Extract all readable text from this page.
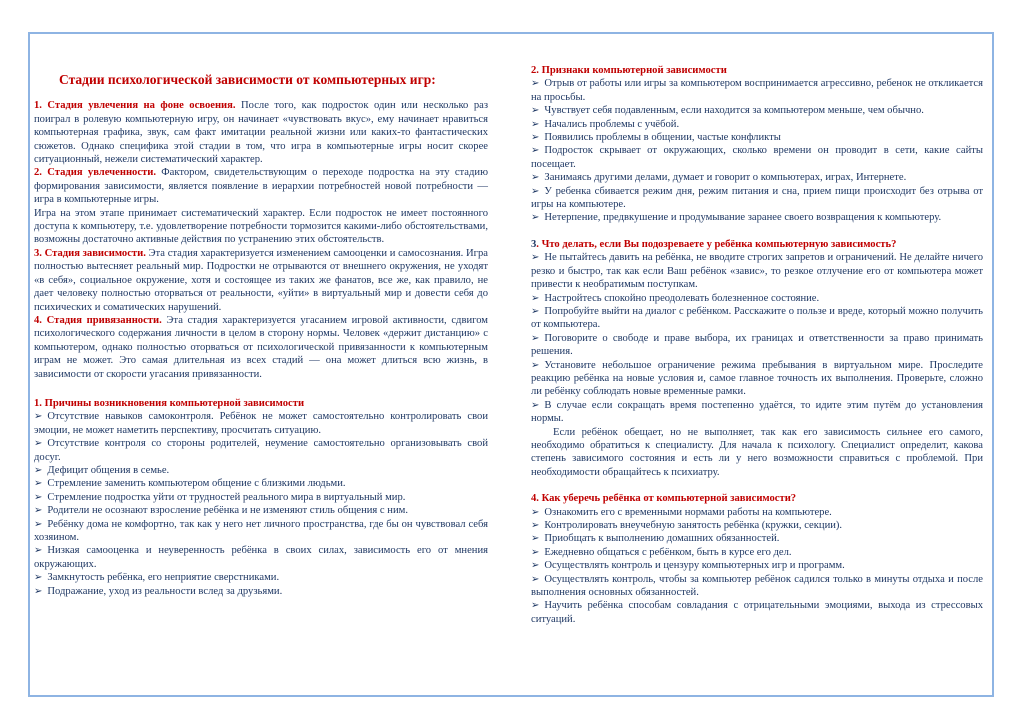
Стадии психологической зависимости от компьютерных игр:

1. Стадия увлечения на фоне освоения. После того, как подросток один или несколько раз поиграл в ролевую компьютерную игру, он начинает «чувствовать вкус», ему начинает нравиться компьютерная графика, звук, сам факт имитации реальной жизни или каких-то фантастических сюжетов. Однако специфика этой стадии в том, что игра в компьютерные игры носит скорее ситуационный, нежели систематический характер.

2. Стадия увлеченности. Фактором, свидетельствующим о переходе подростка на эту стадию формирования зависимости, является появление в иерархии потребностей новой потребности — игра в компьютерные игры.

Игра на этом этапе принимает систематический характер. Если подросток не имеет постоянного доступа к компьютеру, т.е. удовлетворение потребности тормозится какими-либо обстоятельствами, возможны достаточно активные действия по устранению этих обстоятельств.

3. Стадия зависимости. Эта стадия характеризуется изменением самооценки и самосознания. Игра полностью вытесняет реальный мир. Подростки не отрываются от внешнего окружения, не уходят «в себя», социальное окружение, хотя и состоящее из таких же фанатов, все же, как правило, не дает человеку полностью оторваться от реальности, «уйти» в виртуальный мир и довести себя до психических и соматических нарушений.

4. Стадия привязанности. Эта стадия характеризуется угасанием игровой активности, сдвигом психологического содержания личности в целом в сторону нормы. Человек «держит дистанцию» с компьютером, однако полностью оторваться от психологической привязанности к компьютерным играм не может. Это самая длительная из всех стадий — она может длиться всю жизнь, в зависимости от скорости угасания привязанности.

1. Причины возникновения компьютерной зависимости

➢ Отсутствие навыков самоконтроля. Ребёнок не может самостоятельно контролировать свои эмоции, не может наметить перспективу, просчитать ситуацию.

➢ Отсутствие контроля со стороны родителей, неумение самостоятельно организовывать свой досуг.

➢ Дефицит общения в семье.

➢ Стремление заменить компьютером общение с близкими людьми.

➢ Стремление подростка уйти от трудностей реального мира в виртуальный мир.

➢ Родители не осознают взросление ребёнка и не изменяют стиль общения с ним.

➢ Ребёнку дома не комфортно, так как у него нет личного пространства, где бы он чувствовал себя хозяином.

➢ Низкая самооценка и неуверенность ребёнка в своих силах, зависимость его от мнения окружающих.

➢ Замкнутость ребёнка, его неприятие сверстниками.

➢ Подражание, уход из реальности вслед за друзьями.

2. Признаки компьютерной зависимости

➢ Отрыв от работы или игры за компьютером воспринимается агрессивно, ребенок не откликается на просьбы.

➢ Чувствует себя подавленным, если находится за компьютером меньше, чем обычно.

➢ Начались проблемы с учёбой.

➢ Появились проблемы в общении, частые конфликты

➢ Подросток скрывает от окружающих, сколько времени он проводит в сети, какие сайты посещает.

➢ Занимаясь другими делами, думает и говорит о компьютерах, играх, Интернете.

➢ У ребенка сбивается режим дня, режим питания и сна, прием пищи происходит без отрыва от игры на компьютере.

➢ Нетерпение, предвкушение и продумывание заранее своего возвращения к компьютеру.

3. Что делать, если Вы подозреваете у ребёнка компьютерную зависимость?

➢ Не пытайтесь давить на ребёнка, не вводите строгих запретов и ограничений. Не делайте ничего резко и быстро, так как если Ваш ребёнок «завис», то резкое отлучение его от компьютера может привести к необратимым поступкам.

➢ Настройтесь спокойно преодолевать болезненное состояние.

➢ Попробуйте выйти на диалог с ребёнком. Расскажите о пользе и вреде, который можно получить от компьютера.

➢ Поговорите о свободе и праве выбора, их границах и ответственности за право принимать решения.

➢ Установите небольшое ограничение режима пребывания в виртуальном мире. Проследите реакцию ребёнка на новые условия и, самое главное точность их выполнения. Проверьте, сложно ли ребёнку соблюдать новые временные рамки.

➢ В случае если сокращать время постепенно удаётся, то идите этим путём до установления нормы.

Если ребёнок обещает, но не выполняет, так как его зависимость сильнее его самого, необходимо обратиться к специалисту. Для начала к психологу. Специалист определит, какова степень зависимого состояния и есть ли у него возможности справиться с проблемой. При необходимости обращайтесь к психиатру.

4. Как уберечь ребёнка от компьютерной зависимости?

➢ Ознакомить его с временными нормами работы на компьютере.

➢ Контролировать внеучебную занятость ребёнка (кружки, секции).

➢ Приобщать к выполнению домашних обязанностей.

➢ Ежедневно общаться с ребёнком, быть в курсе его дел.

➢ Осуществлять контроль и цензуру компьютерных игр и программ.

➢ Осуществлять контроль, чтобы за компьютер ребёнок садился только в минуты отдыха и после выполнения основных обязанностей.

➢ Научить ребёнка способам совладания с отрицательными эмоциями, выхода из стрессовых ситуаций.
